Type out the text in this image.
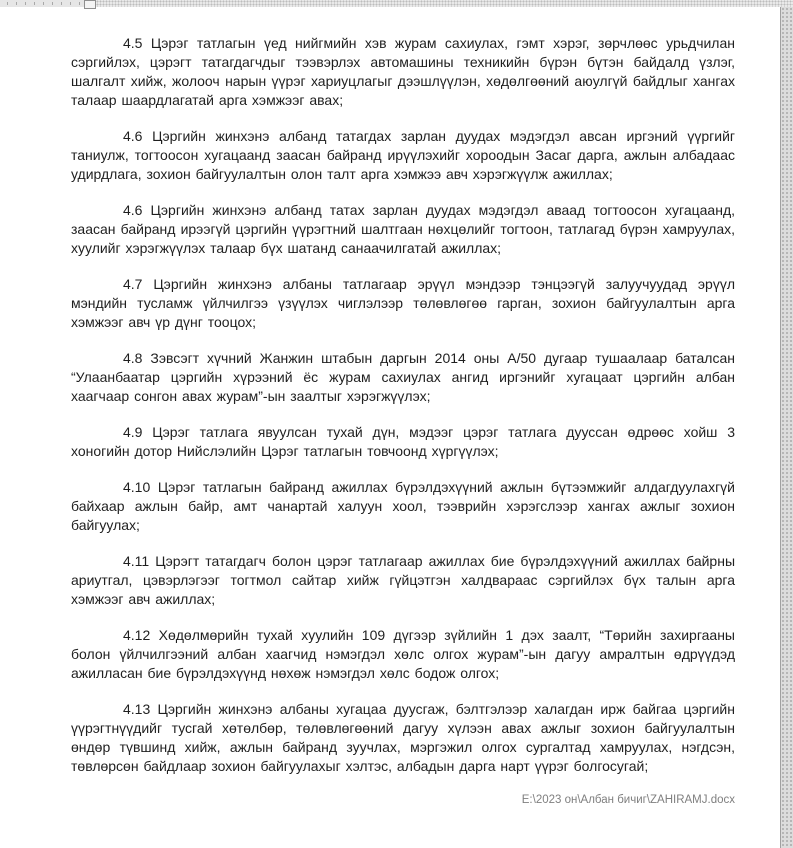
4.5 Цэрэг татлагын үед нийгмийн хэв журам сахиулах, гэмт хэрэг, зөрчлөөс урьдчилан сэргийлэх, цэрэгт татагдагчдыг тээвэрлэх автомашины техникийн бүрэн бүтэн байдалд үзлэг, шалгалт хийж, жолооч нарын үүрэг хариуцлагыг дээшлүүлэн, хөдөлгөөний аюулгүй байдлыг хангах талаар шаардлагатай арга хэмжээг авах;

4.6 Цэргийн жинхэнэ албанд татагдах зарлан дуудах мэдэгдэл авсан иргэний үүргийг таниулж, тогтоосон хугацаанд заасан байранд ирүүлэхийг хороодын Засаг дарга, ажлын албадаас удирдлага, зохион байгуулалтын олон талт арга хэмжээ авч хэрэгжүүлж ажиллах;

4.6 Цэргийн жинхэнэ албанд татах зарлан дуудах мэдэгдэл аваад тогтоосон хугацаанд, заасан байранд ирээгүй цэргийн үүрэгтний шалтгаан нөхцөлийг тогтоон, татлагад бүрэн хамруулах, хуулийг хэрэгжүүлэх талаар бүх шатанд санаачилгатай ажиллах;

4.7 Цэргийн жинхэнэ албаны татлагаар эрүүл мэндээр тэнцээгүй залуучуудад эрүүл мэндийн тусламж үйлчилгээ үзүүлэх чиглэлээр төлөвлөгөө гарган, зохион байгуулалтын арга хэмжээг авч үр дүнг тооцох;

4.8 Зэвсэгт хүчний Жанжин штабын даргын 2014 оны А/50 дугаар тушаалаар баталсан “Улаанбаатар цэргийн хүрээний ёс журам сахиулах ангид иргэнийг хугацаат цэргийн албан хаагчаар сонгон авах журам”-ын заалтыг хэрэгжүүлэх;

4.9 Цэрэг татлага явуулсан тухай дүн, мэдээг цэрэг татлага дууссан өдрөөс хойш 3 хоногийн дотор Нийслэлийн Цэрэг татлагын товчоонд хүргүүлэх;

4.10 Цэрэг татлагын байранд ажиллах бүрэлдэхүүний ажлын бүтээмжийг алдагдуулахгүй байхаар ажлын байр, амт чанартай халуун хоол, тээврийн хэрэгслээр хангах ажлыг зохион байгуулах;

4.11 Цэрэгт татагдагч болон цэрэг татлагаар ажиллах бие бүрэлдэхүүний ажиллах байрны ариутгал, цэвэрлэгээг тогтмол сайтар хийж гүйцэтгэн халдвараас сэргийлэх бүх талын арга хэмжээг авч ажиллах;

4.12 Хөдөлмөрийн тухай хуулийн 109 дүгээр зүйлийн 1 дэх заалт, “Төрийн захиргааны болон үйлчилгээний албан хаагчид нэмэгдэл хөлс олгох журам”-ын дагуу амралтын өдрүүдэд ажилласан бие бүрэлдэхүүнд нөхөж нэмэгдэл хөлс бодож олгох;

4.13 Цэргийн жинхэнэ албаны хугацаа дуусгаж, бэлтгэлээр халагдан ирж байгаа цэргийн үүрэгтнүүдийг тусгай хөтөлбөр, төлөвлөгөөний дагуу хүлээн авах ажлыг зохион байгуулалтын өндөр түвшинд хийж, ажлын байранд зуучлах, мэргэжил олгох сургалтад хамруулах, нэгдсэн, төвлөрсөн байдлаар зохион байгуулахыг хэлтэс, албадын дарга нарт үүрэг болгосугай;

E:\2023 он\Албан бичиг\ZAHIRAMJ.docx
